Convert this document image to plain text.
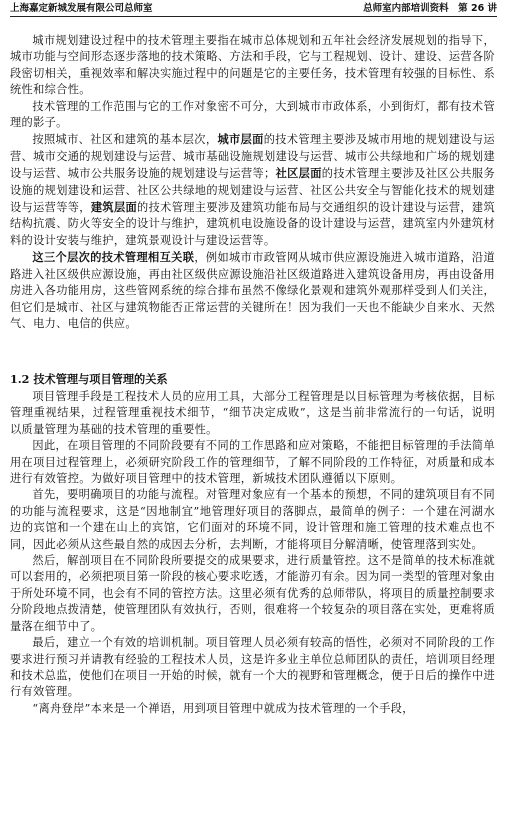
上海嘉定新城发展有限公司总师室	总师室内部培训资料　第 26 讲

城市规划建设过程中的技术管理主要指在城市总体规划和五年社会经济发展规划的指导下，城市功能与空间形态逐步落地的技术策略、方法和手段，它与工程规划、设计、建设、运营各阶段密切相关，重视效率和解决实施过程中的问题是它的主要任务，技术管理有较强的目标性、系统性和综合性。

技术管理的工作范围与它的工作对象密不可分，大到城市市政体系，小到街灯，都有技术管理的影子。

按照城市、社区和建筑的基本层次，城市层面的技术管理主要涉及城市用地的规划建设与运营、城市交通的规划建设与运营、城市基础设施规划建设与运营、城市公共绿地和广场的规划建设与运营、城市公共服务设施的规划建设与运营等；社区层面的技术管理主要涉及社区公共服务设施的规划建设和运营、社区公共绿地的规划建设与运营、社区公共安全与智能化技术的规划建设与运营等等，建筑层面的技术管理主要涉及建筑功能布局与交通组织的设计建设与运营，建筑结构抗震、防火等安全的设计与维护，建筑机电设施设备的设计建设与运营，建筑室内外建筑材料的设计安装与维护，建筑景观设计与建设运营等。

这三个层次的技术管理相互关联，例如城市市政管网从城市供应源设施进入城市道路，沿道路进入社区级供应源设施，再由社区级供应源设施沿社区级道路进入建筑设备用房，再由设备用房进入各功能用房，这些管网系统的综合排布虽然不像绿化景观和建筑外观那样受到人们关注，但它们是城市、社区与建筑物能否正常运营的关键所在！因为我们一天也不能缺少自来水、天然气、电力、电信的供应。

1.2 技术管理与项目管理的关系

项目管理手段是工程技术人员的应用工具，大部分工程管理是以目标管理为考核依据，目标管理重视结果，过程管理重视技术细节，“细节决定成败”，这是当前非常流行的一句话，说明以质量管理为基础的技术管理的重要性。

因此，在项目管理的不同阶段要有不同的工作思路和应对策略，不能把目标管理的手法简单用在项目过程管理上，必须研究阶段工作的管理细节，了解不同阶段的工作特征，对质量和成本进行有效管控。为做好项目管理中的技术管理，新城技术团队遵循以下原则。

首先，要明确项目的功能与流程。对管理对象应有一个基本的预想，不同的建筑项目有不同的功能与流程要求，这是“因地制宜”地管理好项目的落脚点，最简单的例子：一个建在河湖水边的宾馆和一个建在山上的宾馆，它们面对的环境不同，设计管理和施工管理的技术难点也不同，因此必须从这些最自然的成因去分析，去判断，才能将项目分解清晰，使管理落到实处。

然后，解剖项目在不同阶段所要提交的成果要求，进行质量管控。这不是简单的技术标准就可以套用的，必须把项目第一阶段的核心要求吃透，才能游刃有余。因为同一类型的管理对象由于所处环境不同，也会有不同的管控方法。这里必须有优秀的总师带队，将项目的质量控制要求分阶段地点拨清楚，使管理团队有效执行，否则，很难将一个较复杂的项目落在实处，更难将质量落在细节中了。

最后，建立一个有效的培训机制。项目管理人员必须有较高的悟性，必须对不同阶段的工作要求进行预习并请教有经验的工程技术人员，这是许多业主单位总师团队的责任，培训项目经理和技术总监，使他们在项目一开始的时候，就有一个大的视野和管理概念，便于日后的操作中进行有效管理。

“离舟登岸”本来是一个禅语，用到项目管理中就成为技术管理的一个手段，
